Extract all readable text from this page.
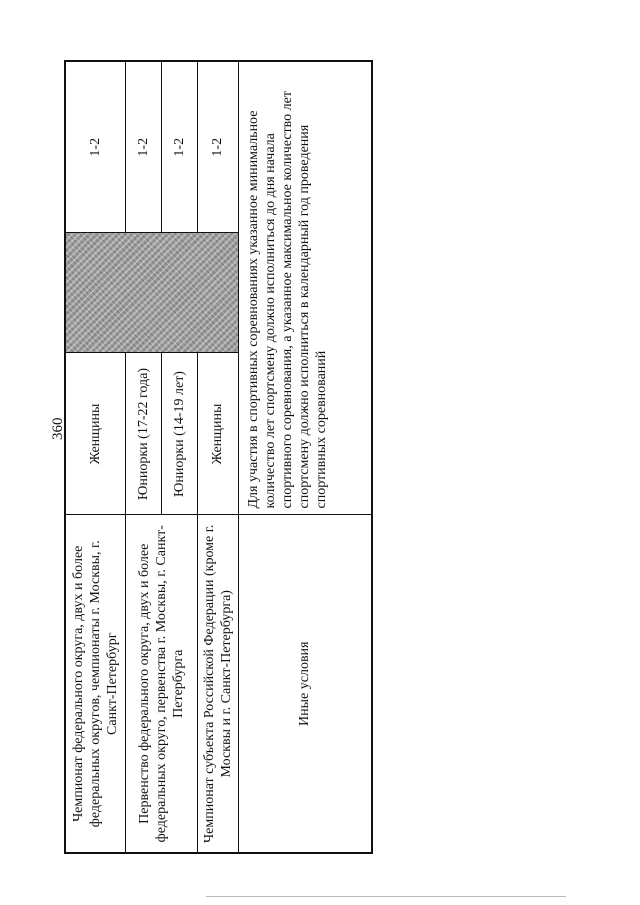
360
Чемпионат федерального округа, двух и более федеральных округов, чемпионаты г. Москвы, г. Санкт-Петербург	Женщины		1-2
Первенство федерального округа, двух и более федеральных округо, первенства г. Москвы, г. Санкт-Петербурга	Юниорки (17-22 года)		1-2
	Юниорки (14-19 лет)		1-2
Чемпионат субъекта Российской Федерации (кроме г. Москвы и г. Санкт-Петербурга)	Женщины		1-2
Иные условия	Для участия в спортивных соревнованиях указанное минимальное количество лет спортсмену должно исполниться до дня начала спортивного соревнования, а указанное максимальное количество лет спортсмену должно исполниться в календарный год проведения спортивных соревнований		
